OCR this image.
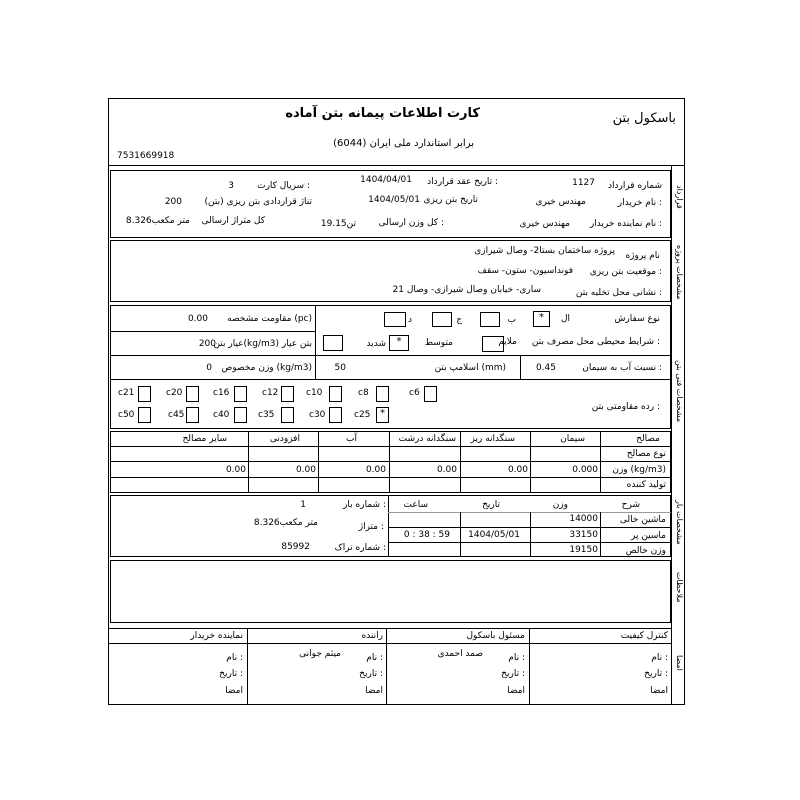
باسکول بتن
کارت اطلاعات پیمانه بتن آماده
برابر استاندارد ملی ایران (6044)
7531669918
قرارداد
شماره قرارداد
1127
تاریخ عقد قرارداد :
1404/04/01
سریال کارت :
3
نام خریدار :
مهندس خیری
تاریخ بتن ریزی
1404/05/01
تناژ قراردادی بتن ریزی (بتن)
200
نام نماینده خریدار :
مهندس خیری
کل وزن ارسالی :
19.15تن
کل متراژ ارسالی
8.326متر مکعب
مشخصات پروژه
نام پروژه
پروژه ساختمان بستا2- وصال شیرازی
موقعیت بتن ریزی :
فونداسیون- ستون- سقف
نشانی محل تخلیه بتن :
ساری- خیابان وصال شیرازی- وصال 21
مشخصات فنی بتن
نوع سفارش
ال
*
ب
ج
د
مقاومت مشخصه (pc)
0.00
شرایط محیطی محل مصرف بتن :
ملایم
متوسط
*
شدید
عیار بتن(kg/m3) بتن عیار
200
نسبت آب به سیمان :
0.45
اسلامپ بتن (mm)
50
وزن مخصوص (kg/m3)
0
رده مقاومتی بتن :
c6
c8
c10
c12
c16
c20
c21
c25 *
c30
c35
c40
c45
c50
مصالح
سیمان
سنگدانه ریز
سنگدانه درشت
آب
افزودنی
سایر مصالح
نوع مصالح
وزن (kg/m3)
تولید کننده
0.000
0.00
0.00
0.00
0.00
0.00
مشخصات بار
شرح
وزن
تاریخ
ساعت
ماشین خالی
14000
ماسین پر
33150
1404/05/01
0 : 38 : 59
وزن خالص
19150
شماره بار :
1
متراژ :
8.326متر مکعب
شماره تراک :
85992
ملاحظات
امضا
کنترل کیفیت
نام :
تاریخ :
امضا
مسئول باسکول
نام :
صمد احمدی
تاریخ :
امضا
راننده
نام :
میثم جوانی
تاریخ :
امضا
نماینده خریدار
نام :
تاریخ :
امضا
